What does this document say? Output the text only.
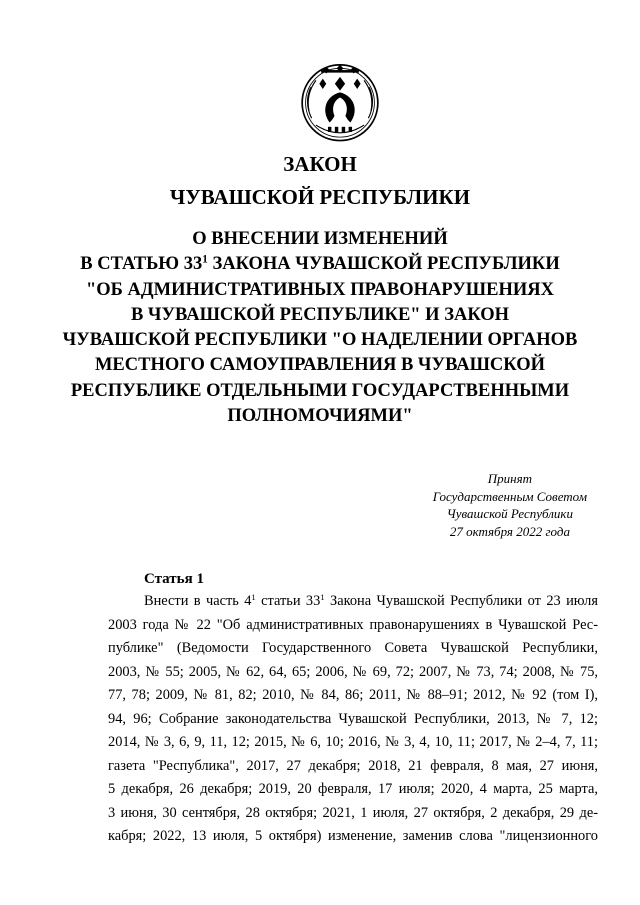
ЗАКОН
ЧУВАШСКОЙ РЕСПУБЛИКИ
О ВНЕСЕНИИ ИЗМЕНЕНИЙ
В СТАТЬЮ $33^1$ ЗАКОНА ЧУВАШСКОЙ РЕСПУБЛИКИ
"ОБ АДМИНИСТРАТИВНЫХ ПРАВОНАРУШЕНИЯХ
В ЧУВАШСКОЙ РЕСПУБЛИКЕ" И ЗАКОН
ЧУВАШСКОЙ РЕСПУБЛИКИ "О НАДЕЛЕНИИ ОРГАНОВ
МЕСТНОГО САМОУПРАВЛЕНИЯ В ЧУВАШСКОЙ
РЕСПУБЛИКЕ ОТДЕЛЬНЫМИ ГОСУДАРСТВЕННЫМИ
ПОЛНОМОЧИЯМИ"
Принят
Государственным Советом
Чувашской Республики
27 октября 2022 года
Статья 1
Внести в часть $4^1$ статьи $33^1$ Закона Чувашской Республики от 23 июля
2003 года № 22 "Об административных правонарушениях в Чувашской Рес-
публике" (Ведомости Государственного Совета Чувашской Республики,
2003, № 55; 2005, № 62, 64, 65; 2006, № 69, 72; 2007, № 73, 74; 2008, № 75,
77, 78; 2009, № 81, 82; 2010, № 84, 86; 2011, № 88–91; 2012, № 92 (том I),
94, 96; Собрание законодательства Чувашской Республики, 2013, № 7, 12;
2014, № 3, 6, 9, 11, 12; 2015, № 6, 10; 2016, № 3, 4, 10, 11; 2017, № 2–4, 7, 11;
газета "Республика", 2017, 27 декабря; 2018, 21 февраля, 8 мая, 27 июня,
5 декабря, 26 декабря; 2019, 20 февраля, 17 июля; 2020, 4 марта, 25 марта,
3 июня, 30 сентября, 28 октября; 2021, 1 июля, 27 октября, 2 декабря, 29 де-
кабря; 2022, 13 июля, 5 октября) изменение, заменив слова "лицензионного
